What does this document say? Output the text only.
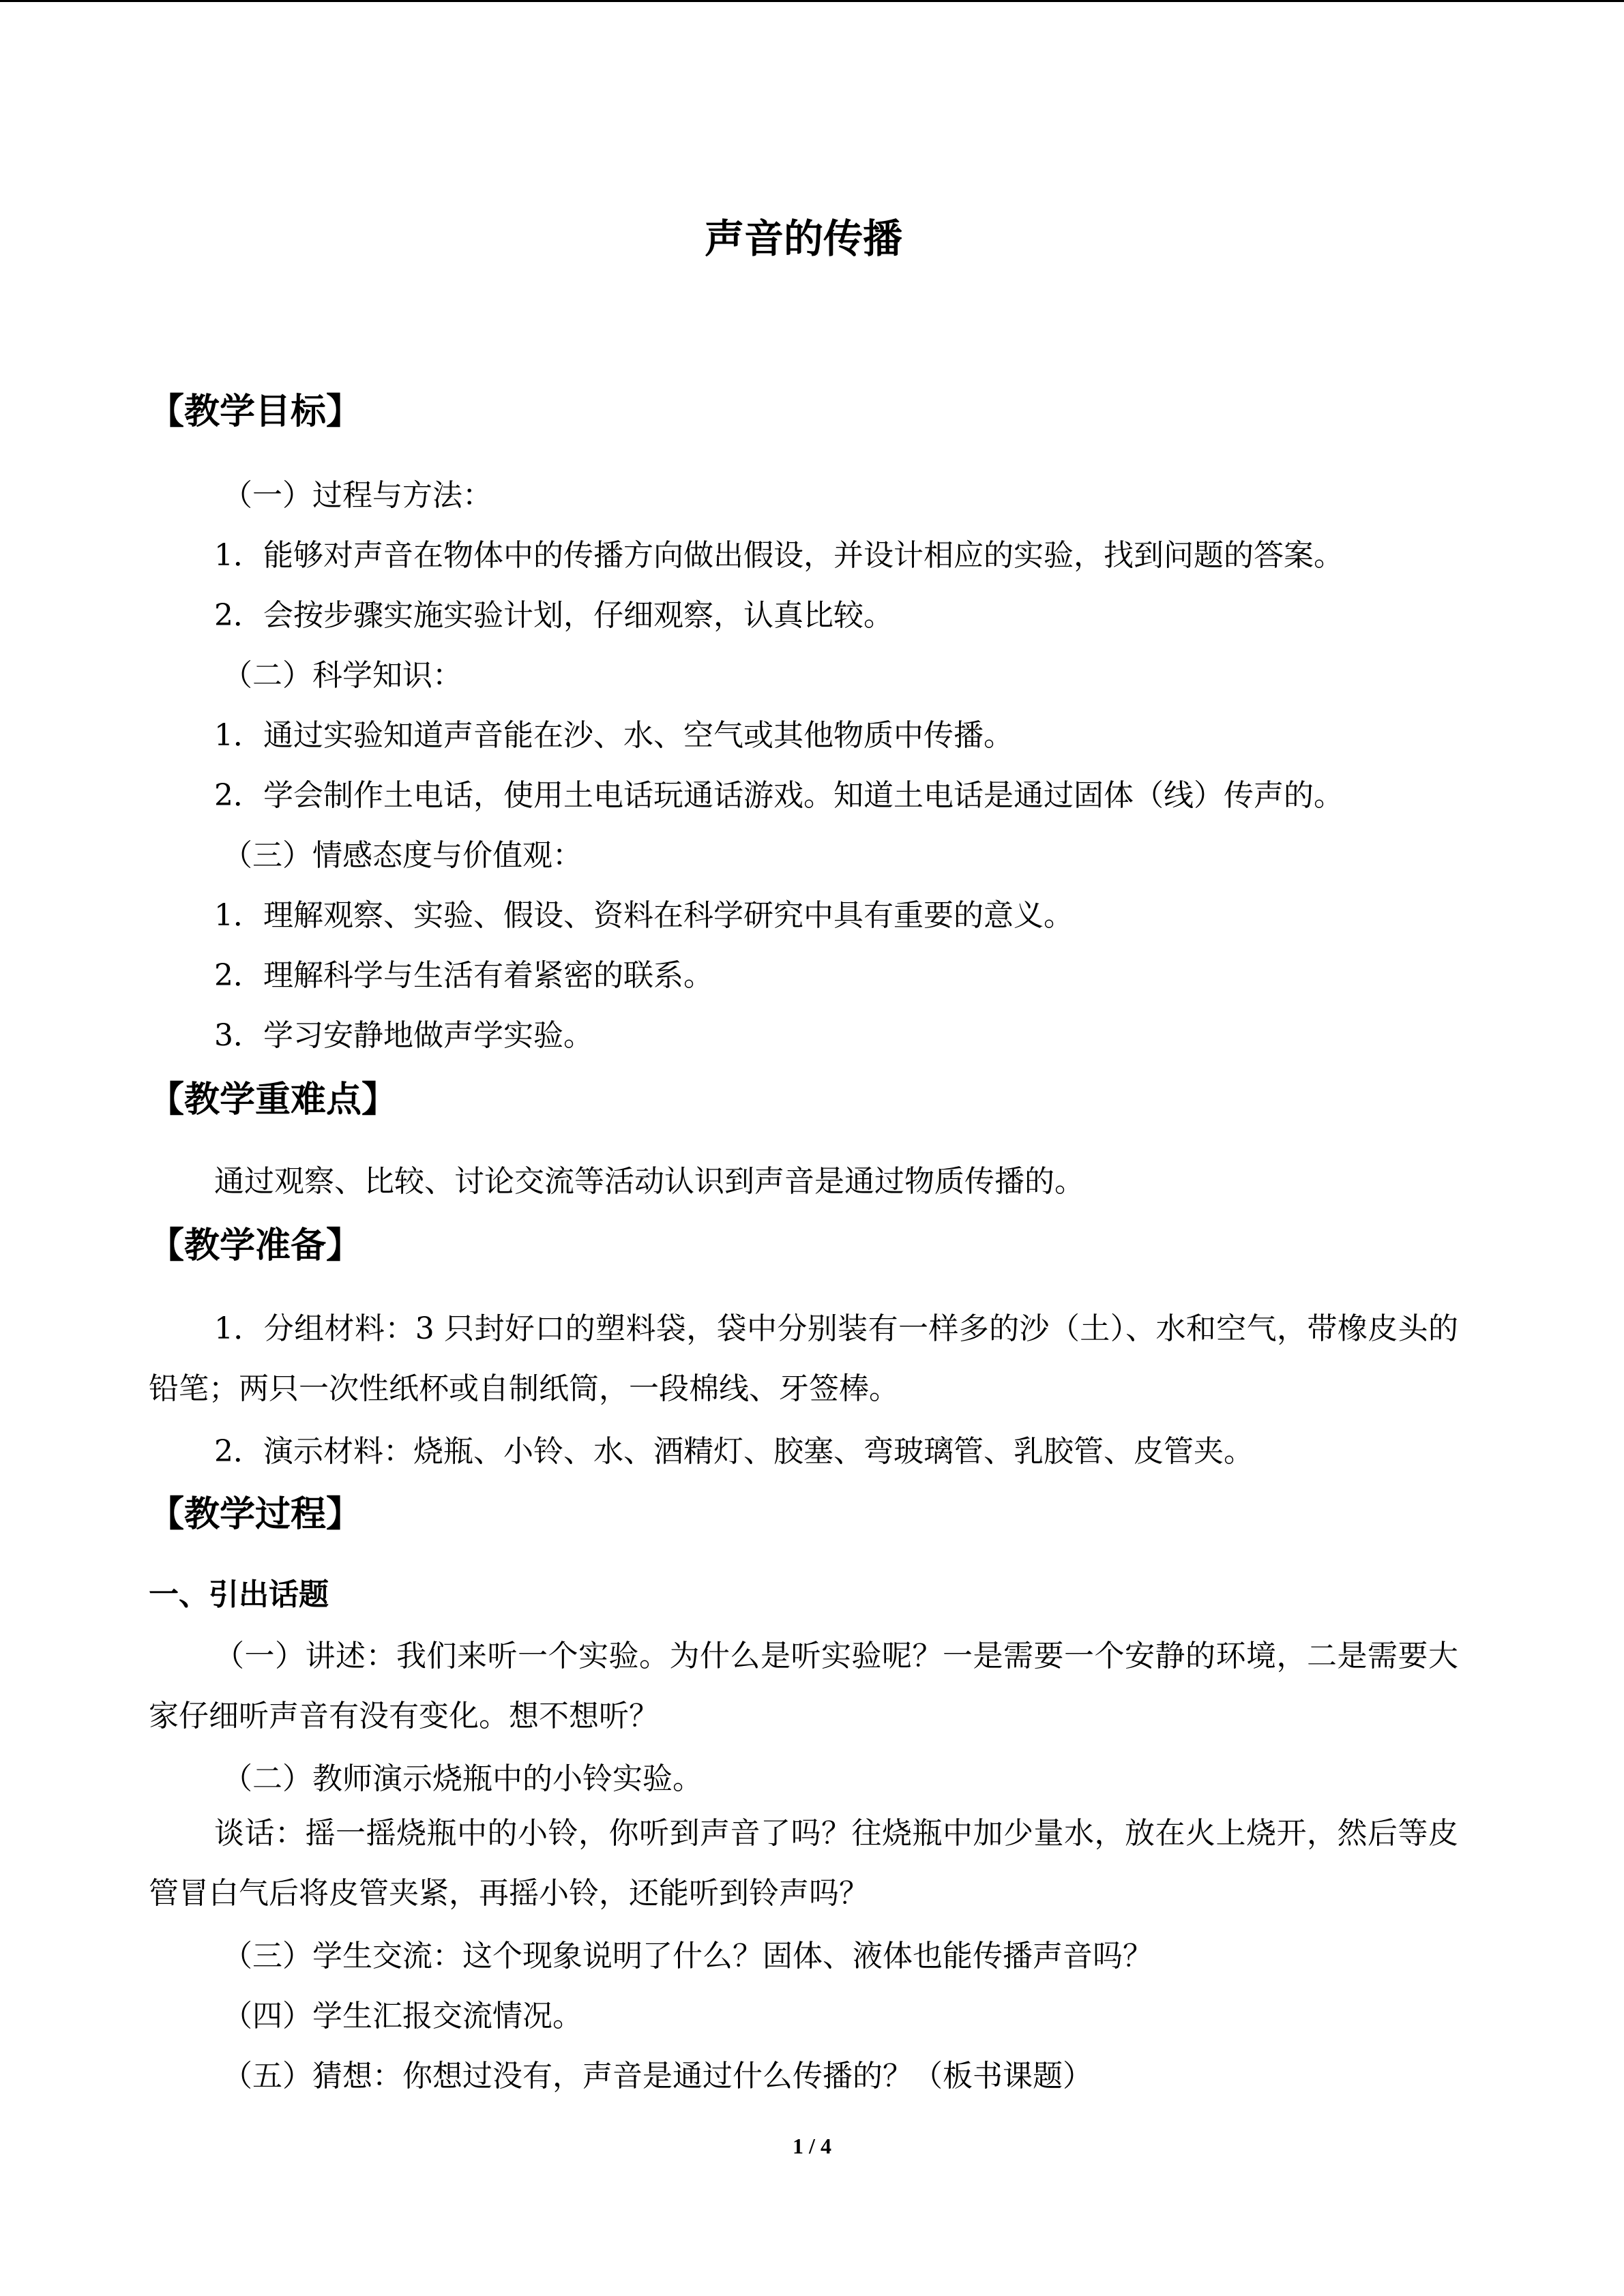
声音的传播
【教学目标】
（一）过程与方法：
1．能够对声音在物体中的传播方向做出假设，并设计相应的实验，找到问题的答案。
2．会按步骤实施实验计划，仔细观察，认真比较。
（二）科学知识：
1．通过实验知道声音能在沙、水、空气或其他物质中传播。
2．学会制作土电话，使用土电话玩通话游戏。知道土电话是通过固体（线）传声的。
（三）情感态度与价值观：
1．理解观察、实验、假设、资料在科学研究中具有重要的意义。
2．理解科学与生活有着紧密的联系。
3．学习安静地做声学实验。
【教学重难点】
通过观察、比较、讨论交流等活动认识到声音是通过物质传播的。
【教学准备】
1．分组材料：3 只封好口的塑料袋，袋中分别装有一样多的沙（土）、水和空气，带橡皮头的铅笔；两只一次性纸杯或自制纸筒，一段棉线、牙签棒。
2．演示材料：烧瓶、小铃、水、酒精灯、胶塞、弯玻璃管、乳胶管、皮管夹。
【教学过程】
一、引出话题
（一）讲述：我们来听一个实验。为什么是听实验呢？一是需要一个安静的环境，二是需要大家仔细听声音有没有变化。想不想听？
（二）教师演示烧瓶中的小铃实验。
谈话：摇一摇烧瓶中的小铃，你听到声音了吗？往烧瓶中加少量水，放在火上烧开，然后等皮管冒白气后将皮管夹紧，再摇小铃，还能听到铃声吗？
（三）学生交流：这个现象说明了什么？固体、液体也能传播声音吗？
（四）学生汇报交流情况。
（五）猜想：你想过没有，声音是通过什么传播的？（板书课题）
1 / 4
